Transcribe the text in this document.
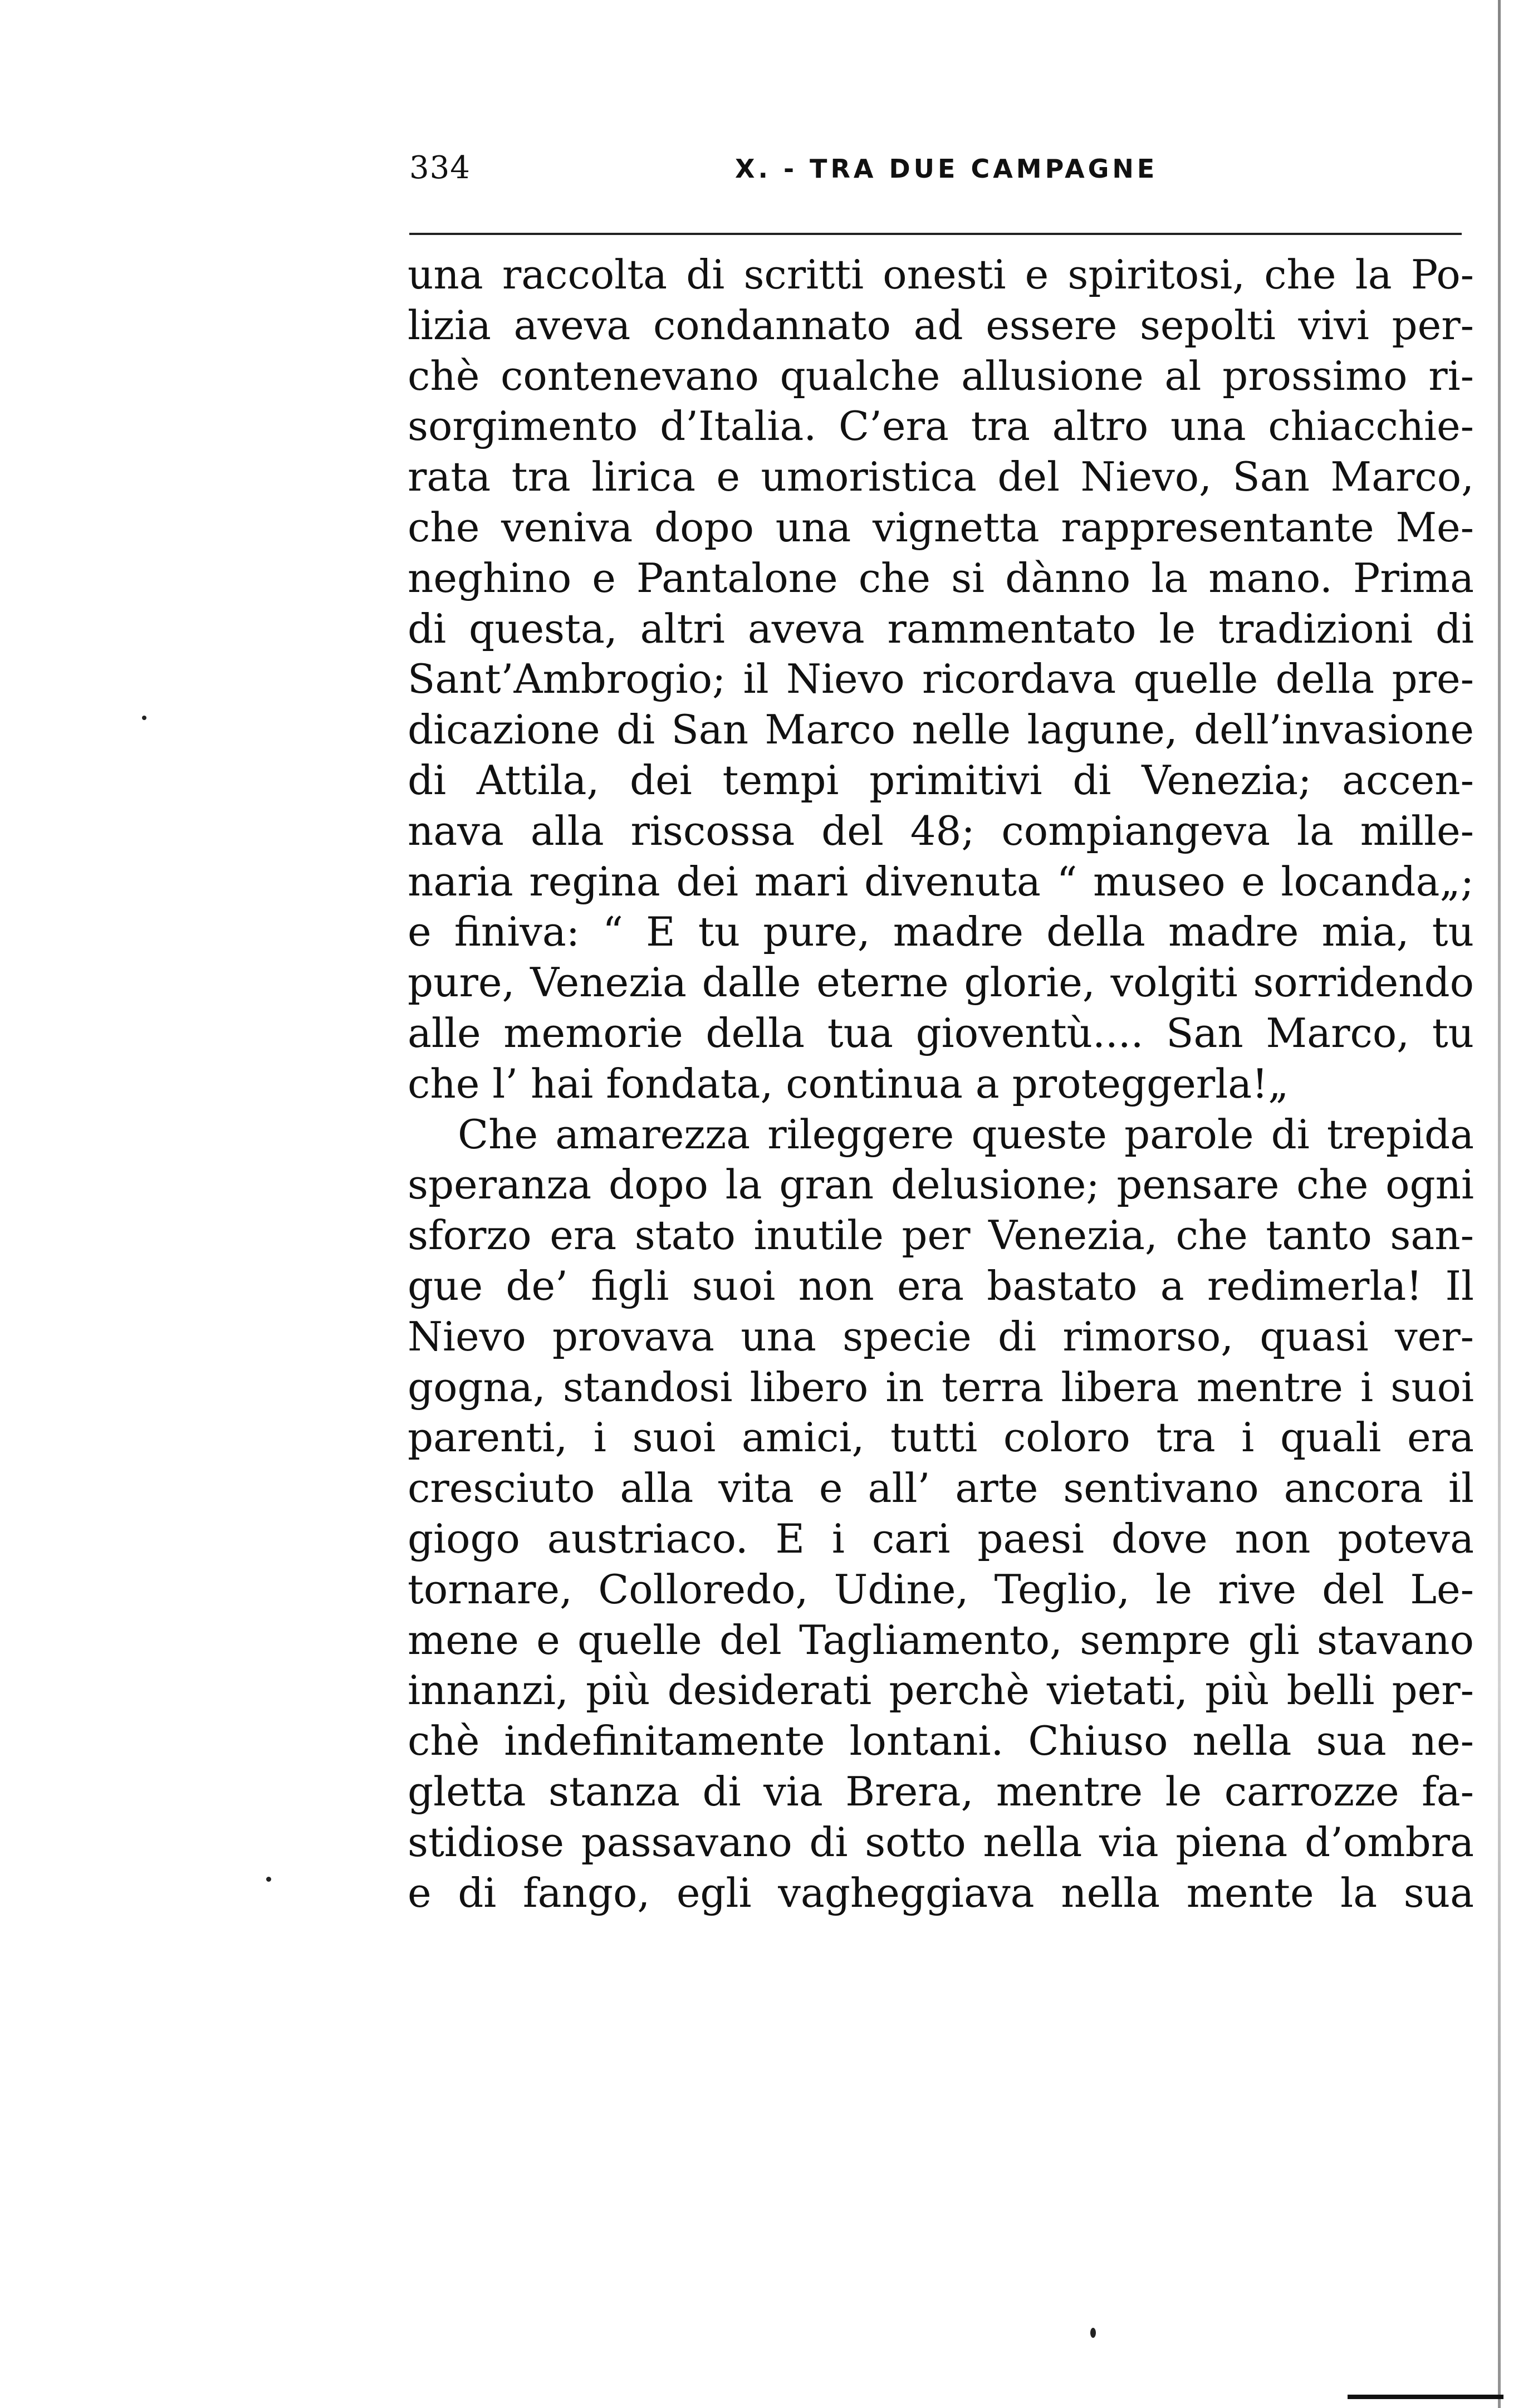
334	X. - TRA DUE CAMPAGNE
una raccolta di scritti onesti e spiritosi, che la Po-
lizia aveva condannato ad essere sepolti vivi per-
chè contenevano qualche allusione al prossimo ri-
sorgimento d’Italia. C’era tra altro una chiacchie-
rata tra lirica e umoristica del Nievo, San Marco,
che veniva dopo una vignetta rappresentante Me-
neghino e Pantalone che si dànno la mano. Prima
di questa, altri aveva rammentato le tradizioni di
Sant’Ambrogio; il Nievo ricordava quelle della pre-
dicazione di San Marco nelle lagune, dell’invasione
di Attila, dei tempi primitivi di Venezia; accen-
nava alla riscossa del 48; compiangeva la mille-
naria regina dei mari divenuta “ museo e locanda„;
e finiva: “ E tu pure, madre della madre mia, tu
pure, Venezia dalle eterne glorie, volgiti sorridendo
alle memorie della tua gioventù.... San Marco, tu
che l’ hai fondata, continua a proteggerla!„
Che amarezza rileggere queste parole di trepida
speranza dopo la gran delusione; pensare che ogni
sforzo era stato inutile per Venezia, che tanto san-
gue de’ figli suoi non era bastato a redimerla! Il
Nievo provava una specie di rimorso, quasi ver-
gogna, standosi libero in terra libera mentre i suoi
parenti, i suoi amici, tutti coloro tra i quali era
cresciuto alla vita e all’ arte sentivano ancora il
giogo austriaco. E i cari paesi dove non poteva
tornare, Colloredo, Udine, Teglio, le rive del Le-
mene e quelle del Tagliamento, sempre gli stavano
innanzi, più desiderati perchè vietati, più belli per-
chè indefinitamente lontani. Chiuso nella sua ne-
gletta stanza di via Brera, mentre le carrozze fa-
stidiose passavano di sotto nella via piena d’ombra
e di fango, egli vagheggiava nella mente la sua
